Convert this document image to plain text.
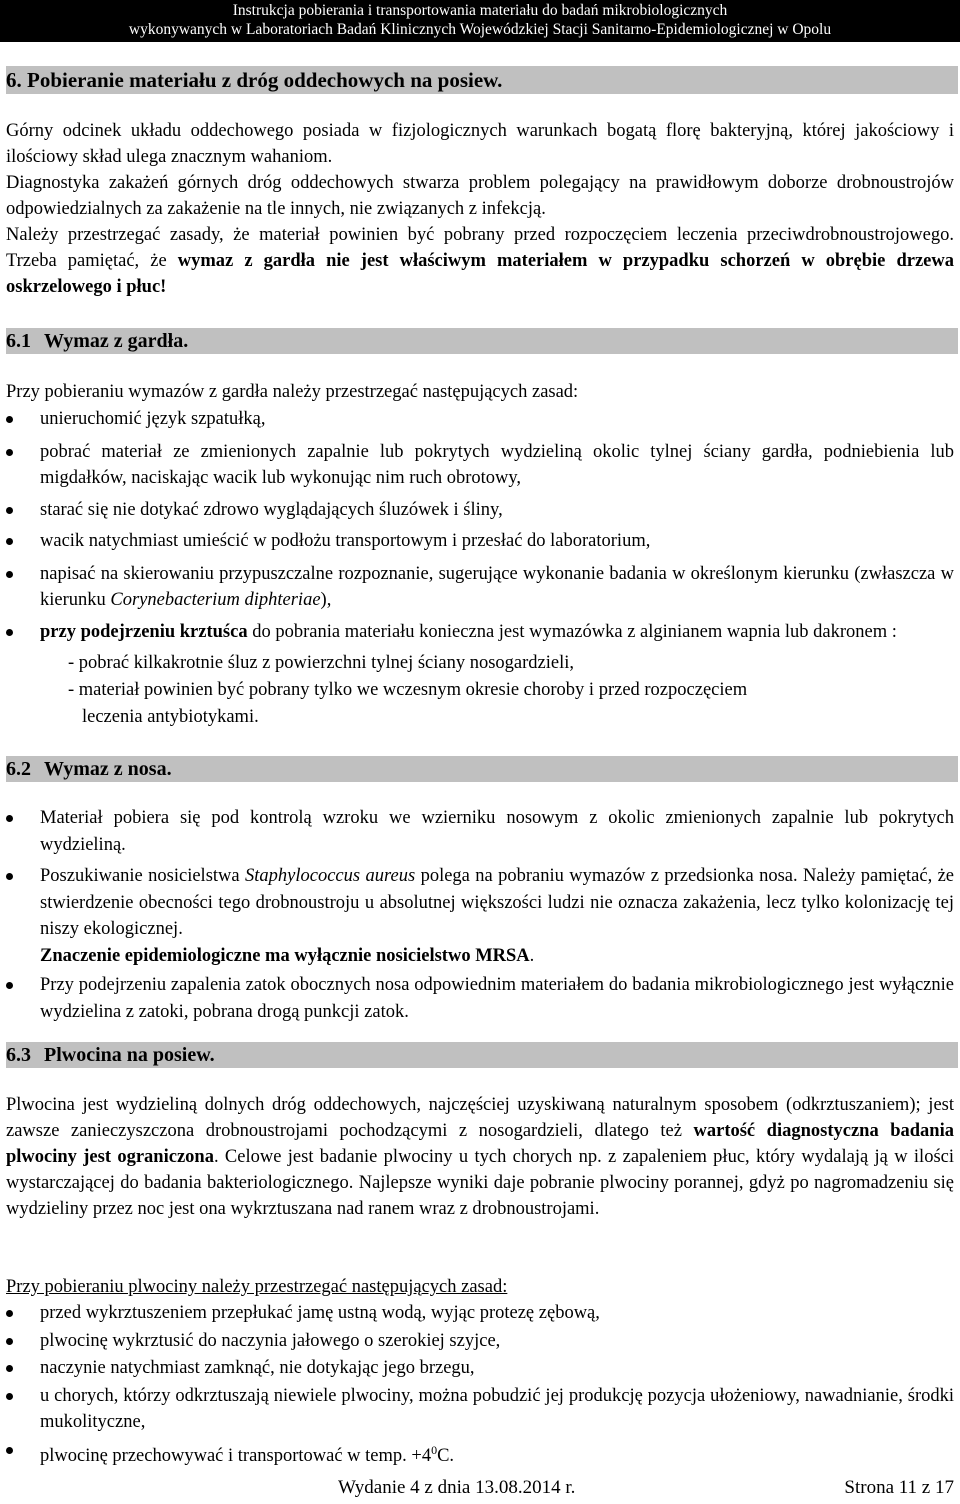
Instrukcja pobierania i transportowania materiału do badań mikrobiologicznych
wykonywanych w Laboratoriach Badań Klinicznych Wojewódzkiej Stacji Sanitarno-Epidemiologicznej w Opolu
6. Pobieranie materiału z dróg oddechowych na posiew.
Górny odcinek układu oddechowego posiada w fizjologicznych warunkach bogatą florę bakteryjną, której jakościowy i ilościowy skład ulega znacznym wahaniom.
Diagnostyka zakażeń górnych dróg oddechowych stwarza problem polegający na prawidłowym doborze drobnoustrojów odpowiedzialnych za zakażenie na tle innych, nie związanych z infekcją.
Należy przestrzegać zasady, że materiał powinien być pobrany przed rozpoczęciem leczenia przeciwdrobnoustrojowego. Trzeba pamiętać, że wymaz z gardła nie jest właściwym materiałem w przypadku schorzeń w obrębie drzewa oskrzelowego i płuc!
6.1 Wymaz z gardła.
Przy pobieraniu wymazów z gardła należy przestrzegać następujących zasad:
unieruchomić język szpatułką,
pobrać materiał ze zmienionych zapalnie lub pokrytych wydzieliną okolic tylnej ściany gardła, podniebienia lub migdałków, naciskając wacik lub wykonując nim ruch obrotowy,
starać się nie dotykać zdrowo wyglądających śluzówek i śliny,
wacik natychmiast umieścić w podłożu transportowym i przesłać do laboratorium,
napisać na skierowaniu przypuszczalne rozpoznanie, sugerujące wykonanie badania w określonym kierunku (zwłaszcza w kierunku Corynebacterium diphteriae),
przy podejrzeniu krztuśca do pobrania materiału konieczna jest wymazówka z alginianem wapnia lub dakronem :
- pobrać kilkakrotnie śluz z powierzchni tylnej ściany nosogardzieli,
- materiał powinien być pobrany tylko we wczesnym okresie choroby i przed rozpoczęciem
leczenia antybiotykami.
6.2 Wymaz z nosa.
Materiał pobiera się pod kontrolą wzroku we wzierniku nosowym z okolic zmienionych zapalnie lub pokrytych wydzieliną.
Poszukiwanie nosicielstwa Staphylococcus aureus polega na pobraniu wymazów z przedsionka nosa. Należy pamiętać, że stwierdzenie obecności tego drobnoustroju u absolutnej większości ludzi nie oznacza zakażenia, lecz tylko kolonizację tej niszy ekologicznej.
Znaczenie epidemiologiczne ma wyłącznie nosicielstwo MRSA.
Przy podejrzeniu zapalenia zatok obocznych nosa odpowiednim materiałem do badania mikrobiologicznego jest wyłącznie wydzielina z zatoki, pobrana drogą punkcji zatok.
6.3 Plwocina na posiew.
Plwocina jest wydzieliną dolnych dróg oddechowych, najczęściej uzyskiwaną naturalnym sposobem (odkrztuszaniem); jest zawsze zanieczyszczona drobnoustrojami pochodzącymi z nosogardzieli, dlatego też wartość diagnostyczna badania plwociny jest ograniczona. Celowe jest badanie plwociny u tych chorych np. z zapaleniem płuc, który wydalają ją w ilości wystarczającej do badania bakteriologicznego. Najlepsze wyniki daje pobranie plwociny porannej, gdyż po nagromadzeniu się wydzieliny przez noc jest ona wykrztuszana nad ranem wraz z drobnoustrojami.
Przy pobieraniu plwociny należy przestrzegać następujących zasad:
przed wykrztuszeniem przepłukać jamę ustną wodą, wyjąc protezę zębową,
plwocinę wykrztusić do naczynia jałowego o szerokiej szyjce,
naczynie natychmiast zamknąć, nie dotykając jego brzegu,
u chorych, którzy odkrztuszają niewiele plwociny, można pobudzić jej produkcję pozycja ułożeniowy, nawadnianie, środki mukolityczne,
plwocinę przechowywać i transportować w temp. $+4^0C$.
Wydanie 4 z dnia 13.08.2014 r.	Strona 11 z 17
